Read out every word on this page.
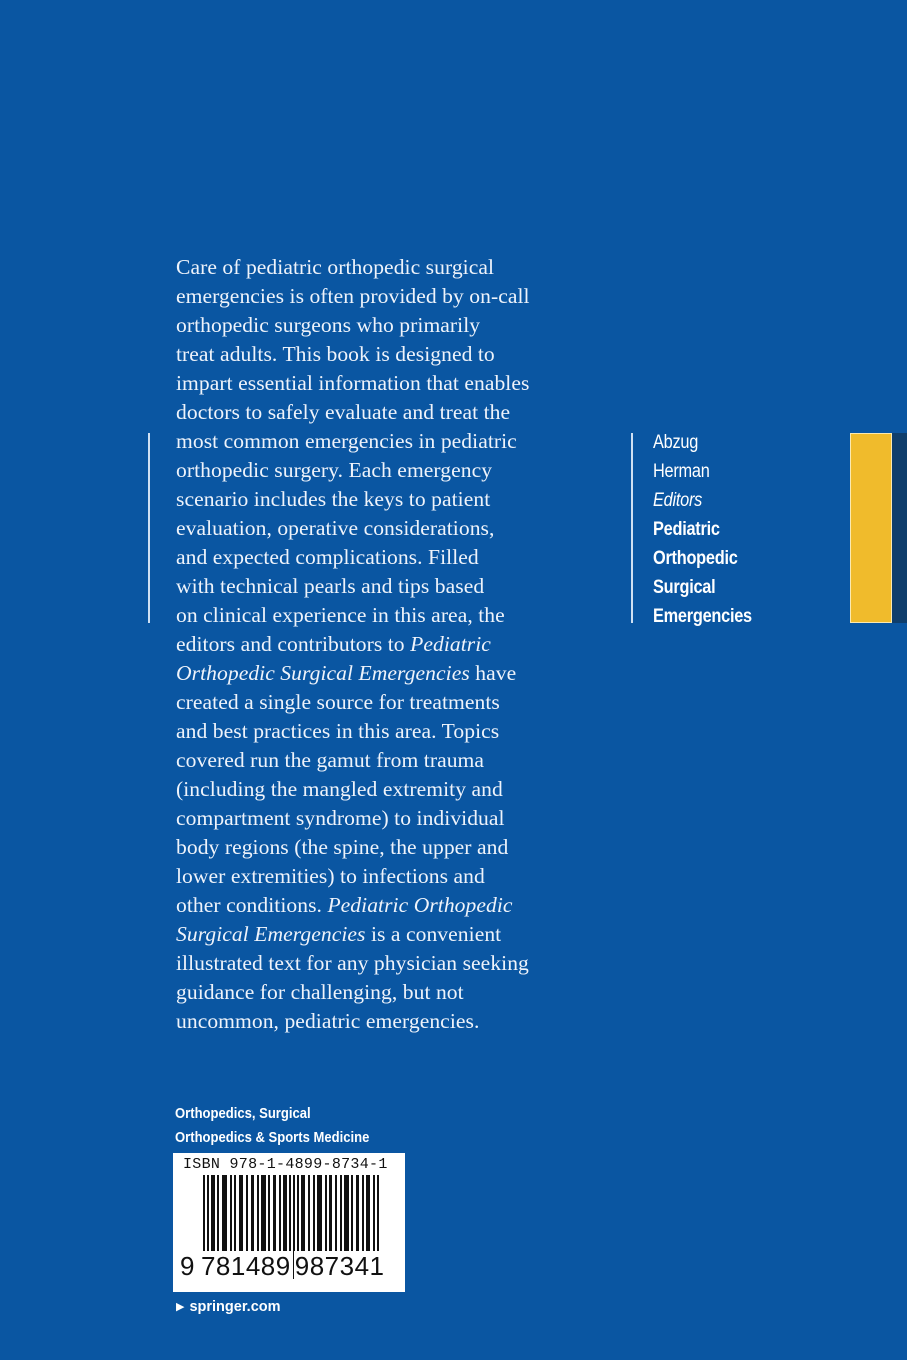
Care of pediatric orthopedic surgical
emergencies is often provided by on-call
orthopedic surgeons who primarily
treat adults. This book is designed to
impart essential information that enables
doctors to safely evaluate and treat the
most common emergencies in pediatric
orthopedic surgery. Each emergency
scenario includes the keys to patient
evaluation, operative considerations,
and expected complications. Filled
with technical pearls and tips based
on clinical experience in this area, the
editors and contributors to Pediatric
Orthopedic Surgical Emergencies have
created a single source for treatments
and best practices in this area. Topics
covered run the gamut from trauma
(including the mangled extremity and
compartment syndrome) to individual
body regions (the spine, the upper and
lower extremities) to infections and
other conditions. Pediatric Orthopedic
Surgical Emergencies is a convenient
illustrated text for any physician seeking
guidance for challenging, but not
uncommon, pediatric emergencies.
Abzug
Herman
Editors
Pediatric
Orthopedic
Surgical
Emergencies
Orthopedics, Surgical
Orthopedics & Sports Medicine
ISBN 978-1-4899-8734-1
9 781489 987341
▶ springer.com
